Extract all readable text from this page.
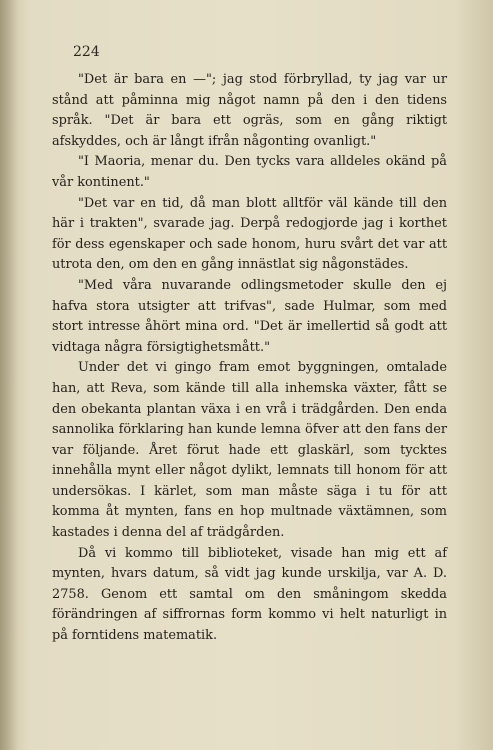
224

"Det är bara en —"; jag stod förbryllad, ty jag var ur stånd att påminna mig något namn på den i den tidens språk. "Det är bara ett ogräs, som en gång riktigt afskyddes, och är långt ifrån någonting ovanligt."

"I Maoria, menar du. Den tycks vara alldeles okänd på vår kontinent."

"Det var en tid, då man blott alltför väl kände till den här i trakten", svarade jag. Derpå redogjorde jag i korthet för dess egenskaper och sade honom, huru svårt det var att utrota den, om den en gång innästlat sig någonstädes.

"Med våra nuvarande odlingsmetoder skulle den ej hafva stora utsigter att trifvas", sade Hulmar, som med stort intresse åhört mina ord. "Det är imellertid så godt att vidtaga några försigtighetsmått."

Under det vi gingo fram emot byggningen, omtalade han, att Reva, som kände till alla inhemska växter, fått se den obekanta plantan växa i en vrå i trädgården. Den enda sannolika förklaring han kunde lemna öfver att den fans der var följande. Året förut hade ett glaskärl, som tycktes innehålla mynt eller något dylikt, lemnats till honom för att undersökas. I kärlet, som man måste säga i tu för att komma åt mynten, fans en hop multnade växtämnen, som kastades i denna del af trädgården.

Då vi kommo till biblioteket, visade han mig ett af mynten, hvars datum, så vidt jag kunde urskilja, var A. D. 2758. Genom ett samtal om den småningom skedda förändringen af siffrornas form kommo vi helt naturligt in på forntidens matematik.
